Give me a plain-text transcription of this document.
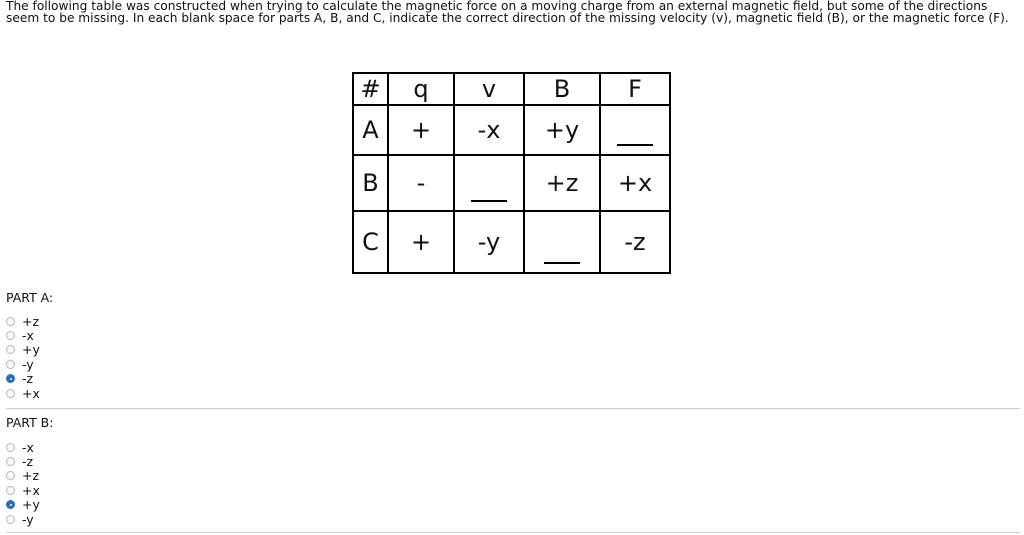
The following table was constructed when trying to calculate the magnetic force on a moving charge from an external magnetic field, but some of the directions seem to be missing. In each blank space for parts A, B, and C, indicate the correct direction of the missing velocity (v), magnetic field (B), or the magnetic force (F).
#	q	v	B	F
A	+	-x	+y	

B	-		+z	+x
C	+	-y		-z
PART A:
+z
-x
+y
-y
-z
+x
PART B:
-x
-z
+z
+x
+y
-y
